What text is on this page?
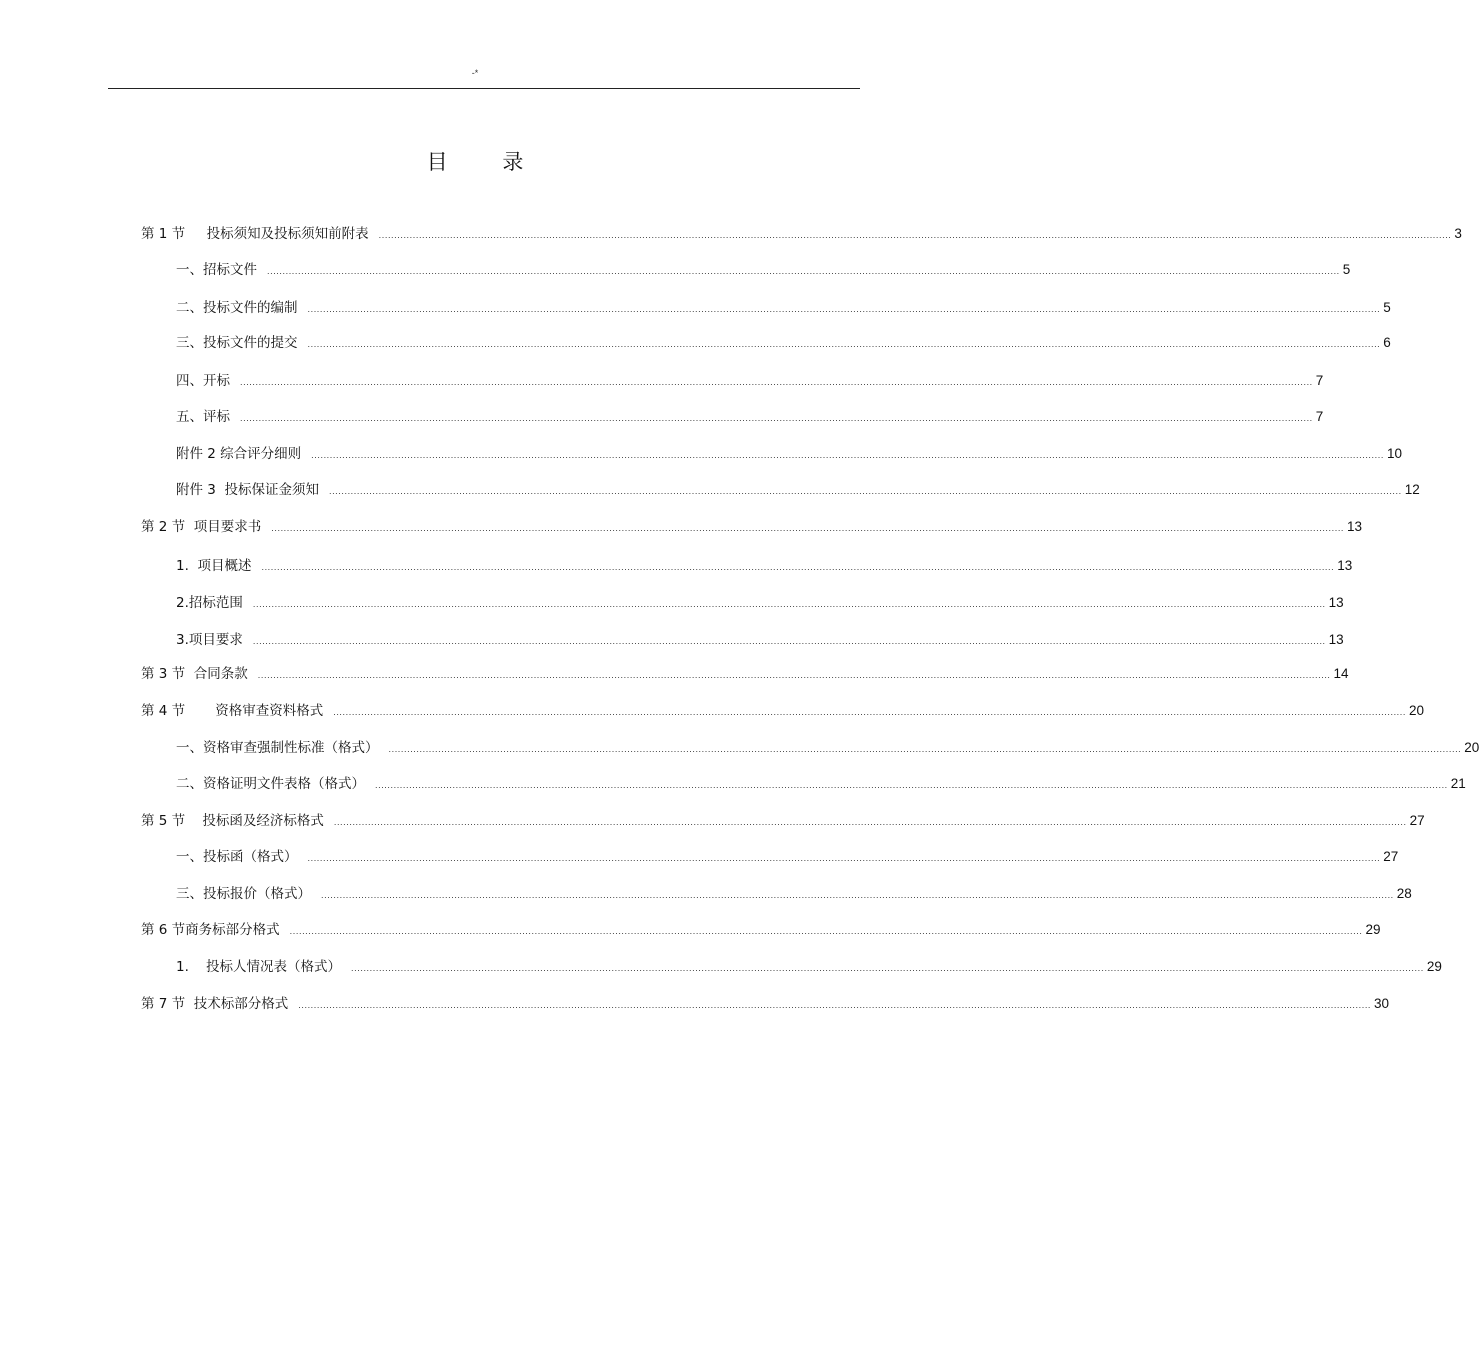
-*
目 录
第 1 节     投标须知及投标须知前附表 .......................................................................................................................................................................................................................................................................................................................................................... 3
一、招标文件 .......................................................................................................................................................................................................................................................................................................................................................... 5
二、投标文件的编制 .......................................................................................................................................................................................................................................................................................................................................................... 5
三、投标文件的提交 .......................................................................................................................................................................................................................................................................................................................................................... 6
四、开标 .......................................................................................................................................................................................................................................................................................................................................................... 7
五、评标 .......................................................................................................................................................................................................................................................................................................................................................... 7
附件 2 综合评分细则 .......................................................................................................................................................................................................................................................................................................................................................... 10
附件 3  投标保证金须知 .......................................................................................................................................................................................................................................................................................................................................................... 12
第 2 节  项目要求书 .......................................................................................................................................................................................................................................................................................................................................................... 13
1.  项目概述 .......................................................................................................................................................................................................................................................................................................................................................... 13
2.招标范围 .......................................................................................................................................................................................................................................................................................................................................................... 13
3.项目要求 .......................................................................................................................................................................................................................................................................................................................................................... 13
第 3 节  合同条款 .......................................................................................................................................................................................................................................................................................................................................................... 14
第 4 节       资格审查资料格式 .......................................................................................................................................................................................................................................................................................................................................................... 20
一、资格审查强制性标准（格式） .......................................................................................................................................................................................................................................................................................................................................................... 20
二、资格证明文件表格（格式） .......................................................................................................................................................................................................................................................................................................................................................... 21
第 5 节    投标函及经济标格式 .......................................................................................................................................................................................................................................................................................................................................................... 27
一、投标函（格式） .......................................................................................................................................................................................................................................................................................................................................................... 27
三、投标报价（格式） .......................................................................................................................................................................................................................................................................................................................................................... 28
第 6 节商务标部分格式 .......................................................................................................................................................................................................................................................................................................................................................... 29
1.    投标人情况表（格式） .......................................................................................................................................................................................................................................................................................................................................................... 29
第 7 节  技术标部分格式 .......................................................................................................................................................................................................................................................................................................................................................... 30
